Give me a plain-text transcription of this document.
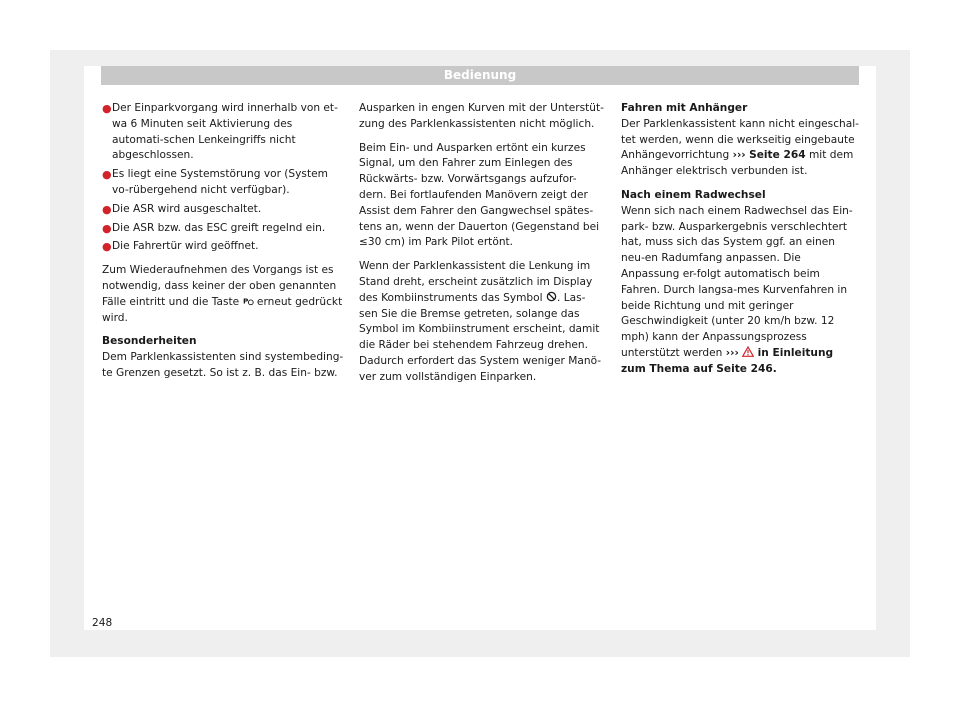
Bedienung
● Der Einparkvorgang wird innerhalb von et-wa 6 Minuten seit Aktivierung des automati-schen Lenkeingriffs nicht abgeschlossen.
● Es liegt eine Systemstörung vor (System vo-rübergehend nicht verfügbar).
● Die ASR wird ausgeschaltet.
● Die ASR bzw. das ESC greift regelnd ein.
● Die Fahrertür wird geöffnet.

Zum Wiederaufnehmen des Vorgangs ist es notwendig, dass keiner der oben genannten Fälle eintritt und die Taste P erneut gedrückt wird.

Besonderheiten

Dem Parklenkassistenten sind systembeding-te Grenzen gesetzt. So ist z. B. das Ein- bzw.

Ausparken in engen Kurven mit der Unterstüt-zung des Parklenkassistenten nicht möglich.

Beim Ein- und Ausparken ertönt ein kurzes Signal, um den Fahrer zum Einlegen des Rückwärts- bzw. Vorwärtsgangs aufzufor-dern. Bei fortlaufenden Manövern zeigt der Assist dem Fahrer den Gangwechsel spätes-tens an, wenn der Dauerton (Gegenstand bei ≤30 cm) im Park Pilot ertönt.

Wenn der Parklenkassistent die Lenkung im Stand dreht, erscheint zusätzlich im Display des Kombiinstruments das Symbol . Las-sen Sie die Bremse getreten, solange das Symbol im Kombiinstrument erscheint, damit die Räder bei stehendem Fahrzeug drehen. Dadurch erfordert das System weniger Manö-ver zum vollständigen Einparken.

Fahren mit Anhänger

Der Parklenkassistent kann nicht eingeschal-tet werden, wenn die werkseitig eingebaute Anhängevorrichtung ››› Seite 264 mit dem Anhänger elektrisch verbunden ist.

Nach einem Radwechsel

Wenn sich nach einem Radwechsel das Ein-park- bzw. Ausparkergebnis verschlechtert hat, muss sich das System ggf. an einen neu-en Radumfang anpassen. Die Anpassung er-folgt automatisch beim Fahren. Durch langsa-mes Kurvenfahren in beide Richtung und mit geringer Geschwindigkeit (unter 20 km/h bzw. 12 mph) kann der Anpassungsprozess unterstützt werden ››› in Einleitung zum Thema auf Seite 246.

248
